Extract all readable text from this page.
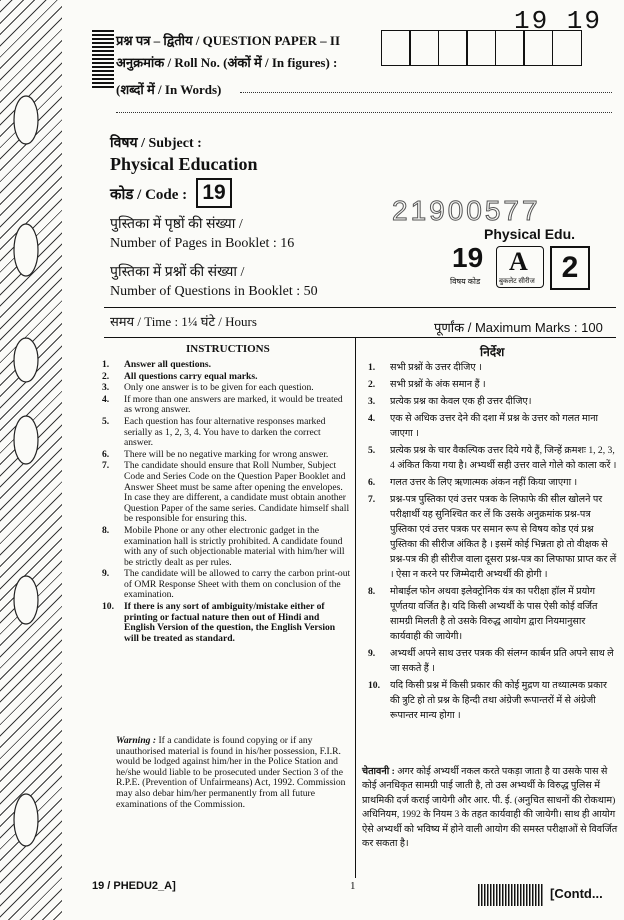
19 19
प्रश्न पत्र – द्वितीय / QUESTION PAPER – II
अनुक्रमांक / Roll No. (अंकों में / In figures) :
(शब्दों में / In Words)
विषय / Subject :
Physical Education
कोड / Code : 19
पुस्तिका में पृष्ठों की संख्या /
Number of Pages in Booklet : 16
पुस्तिका में प्रश्नों की संख्या /
Number of Questions in Booklet : 50
21900577
Physical Edu.
19 A
बुकलेट सीरीज 2
विषय कोड
समय / Time : 1¼ घंटे / Hours	पूर्णांक / Maximum Marks : 100
INSTRUCTIONS	निर्देश
1. Answer all questions.
2. All questions carry equal marks.
3. Only one answer is to be given for each question.
4. If more than one answers are marked, it would be treated as wrong answer.
5. Each question has four alternative responses marked serially as 1, 2, 3, 4. You have to darken the correct answer.
6. There will be no negative marking for wrong answer.
7. The candidate should ensure that Roll Number, Subject Code and Series Code on the Question Paper Booklet and Answer Sheet must be same after opening the envelopes. In case they are different, a candidate must obtain another Question Paper of the same series. Candidate himself shall be responsible for ensuring this.
8. Mobile Phone or any other electronic gadget in the examination hall is strictly prohibited. A candidate found with any of such objectionable material with him/her will be strictly dealt as per rules.
9. The candidate will be allowed to carry the carbon print-out of OMR Response Sheet with them on conclusion of the examination.
10. If there is any sort of ambiguity/mistake either of printing or factual nature then out of Hindi and English Version of the question, the English Version will be treated as standard.
Warning : If a candidate is found copying or if any unauthorised material is found in his/her possession, F.I.R. would be lodged against him/her in the Police Station and he/she would liable to be prosecuted under Section 3 of the R.P.E. (Prevention of Unfairmeans) Act, 1992. Commission may also debar him/her permanently from all future examinations of the Commission.
1. सभी प्रश्नों के उत्तर दीजिए ।
2. सभी प्रश्नों के अंक समान हैं ।
3. प्रत्येक प्रश्न का केवल एक ही उत्तर दीजिए।
4. एक से अधिक उत्तर देने की दशा में प्रश्न के उत्तर को गलत माना जाएगा ।
5. प्रत्येक प्रश्न के चार वैकल्पिक उत्तर दिये गये हैं, जिन्हें क्रमशः 1, 2, 3, 4 अंकित किया गया है। अभ्यर्थी सही उत्तर वाले गोले को काला करें ।
6. गलत उत्तर के लिए ऋणात्मक अंकन नहीं किया जाएगा ।
7. प्रश्न-पत्र पुस्तिका एवं उत्तर पत्रक के लिफाफे की सील खोलने पर परीक्षार्थी यह सुनिश्चित कर लें कि उसके अनुक्रमांक प्रश्न-पत्र पुस्तिका एवं उत्तर पत्रक पर समान रूप से विषय कोड एवं प्रश्न पुस्तिका की सीरीज अंकित है । इसमें कोई भिन्नता हो तो वीक्षक से प्रश्न-पत्र की ही सीरीज वाला दूसरा प्रश्न-पत्र का लिफाफा प्राप्त कर लें । ऐसा न करने पर जिम्मेदारी अभ्यर्थी की होगी ।
8. मोबाईल फोन अथवा इलेक्ट्रोनिक यंत्र का परीक्षा हॉल में प्रयोग पूर्णतया वर्जित है। यदि किसी अभ्यर्थी के पास ऐसी कोई वर्जित सामग्री मिलती है तो उसके विरुद्ध आयोग द्वारा नियमानुसार कार्यवाही की जायेगी।
9. अभ्यर्थी अपने साथ उत्तर पत्रक की संलग्न कार्बन प्रति अपने साथ ले जा सकते हैं ।
10. यदि किसी प्रश्न में किसी प्रकार की कोई मुद्रण या तथ्यात्मक प्रकार की त्रुटि हो तो प्रश्न के हिन्दी तथा अंग्रेजी रूपान्तरों में से अंग्रेजी रूपान्तर मान्य होगा ।
चेतावनी : अगर कोई अभ्यर्थी नकल करते पकड़ा जाता है या उसके पास से कोई अनधिकृत सामग्री पाई जाती है, तो उस अभ्यर्थी के विरुद्ध पुलिस में प्राथमिकी दर्ज कराई जायेगी और आर. पी. ई. (अनुचित साधनों की रोकथाम) अधिनियम, 1992 के नियम 3 के तहत कार्यवाही की जायेगी। साथ ही आयोग ऐसे अभ्यर्थी को भविष्य में होने वाली आयोग की समस्त परीक्षाओं से विवर्जित कर सकता है।
19 / PHEDU2_A]	1	[Contd...
